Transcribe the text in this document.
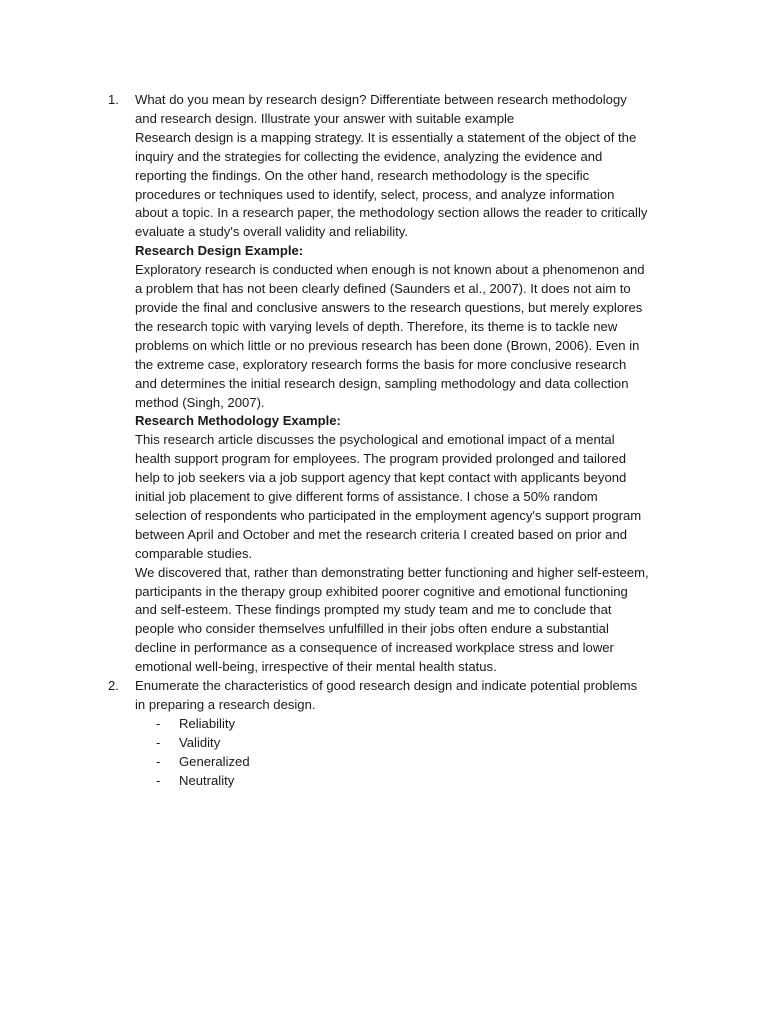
1. What do you mean by research design? Differentiate between research methodology
and research design. Illustrate your answer with suitable example
Research design is a mapping strategy. It is essentially a statement of the object of the
inquiry and the strategies for collecting the evidence, analyzing the evidence and
reporting the findings. On the other hand, research methodology is the specific
procedures or techniques used to identify, select, process, and analyze information
about a topic. In a research paper, the methodology section allows the reader to critically
evaluate a study's overall validity and reliability.
Research Design Example:
Exploratory research is conducted when enough is not known about a phenomenon and
a problem that has not been clearly defined (Saunders et al., 2007). It does not aim to
provide the final and conclusive answers to the research questions, but merely explores
the research topic with varying levels of depth. Therefore, its theme is to tackle new
problems on which little or no previous research has been done (Brown, 2006). Even in
the extreme case, exploratory research forms the basis for more conclusive research
and determines the initial research design, sampling methodology and data collection
method (Singh, 2007).
Research Methodology Example:
This research article discusses the psychological and emotional impact of a mental
health support program for employees. The program provided prolonged and tailored
help to job seekers via a job support agency that kept contact with applicants beyond
initial job placement to give different forms of assistance. I chose a 50% random
selection of respondents who participated in the employment agency's support program
between April and October and met the research criteria I created based on prior and
comparable studies.
We discovered that, rather than demonstrating better functioning and higher self-esteem,
participants in the therapy group exhibited poorer cognitive and emotional functioning
and self-esteem. These findings prompted my study team and me to conclude that
people who consider themselves unfulfilled in their jobs often endure a substantial
decline in performance as a consequence of increased workplace stress and lower
emotional well-being, irrespective of their mental health status.
2. Enumerate the characteristics of good research design and indicate potential problems
in preparing a research design.
- Reliability
- Validity
- Generalized
- Neutrality
